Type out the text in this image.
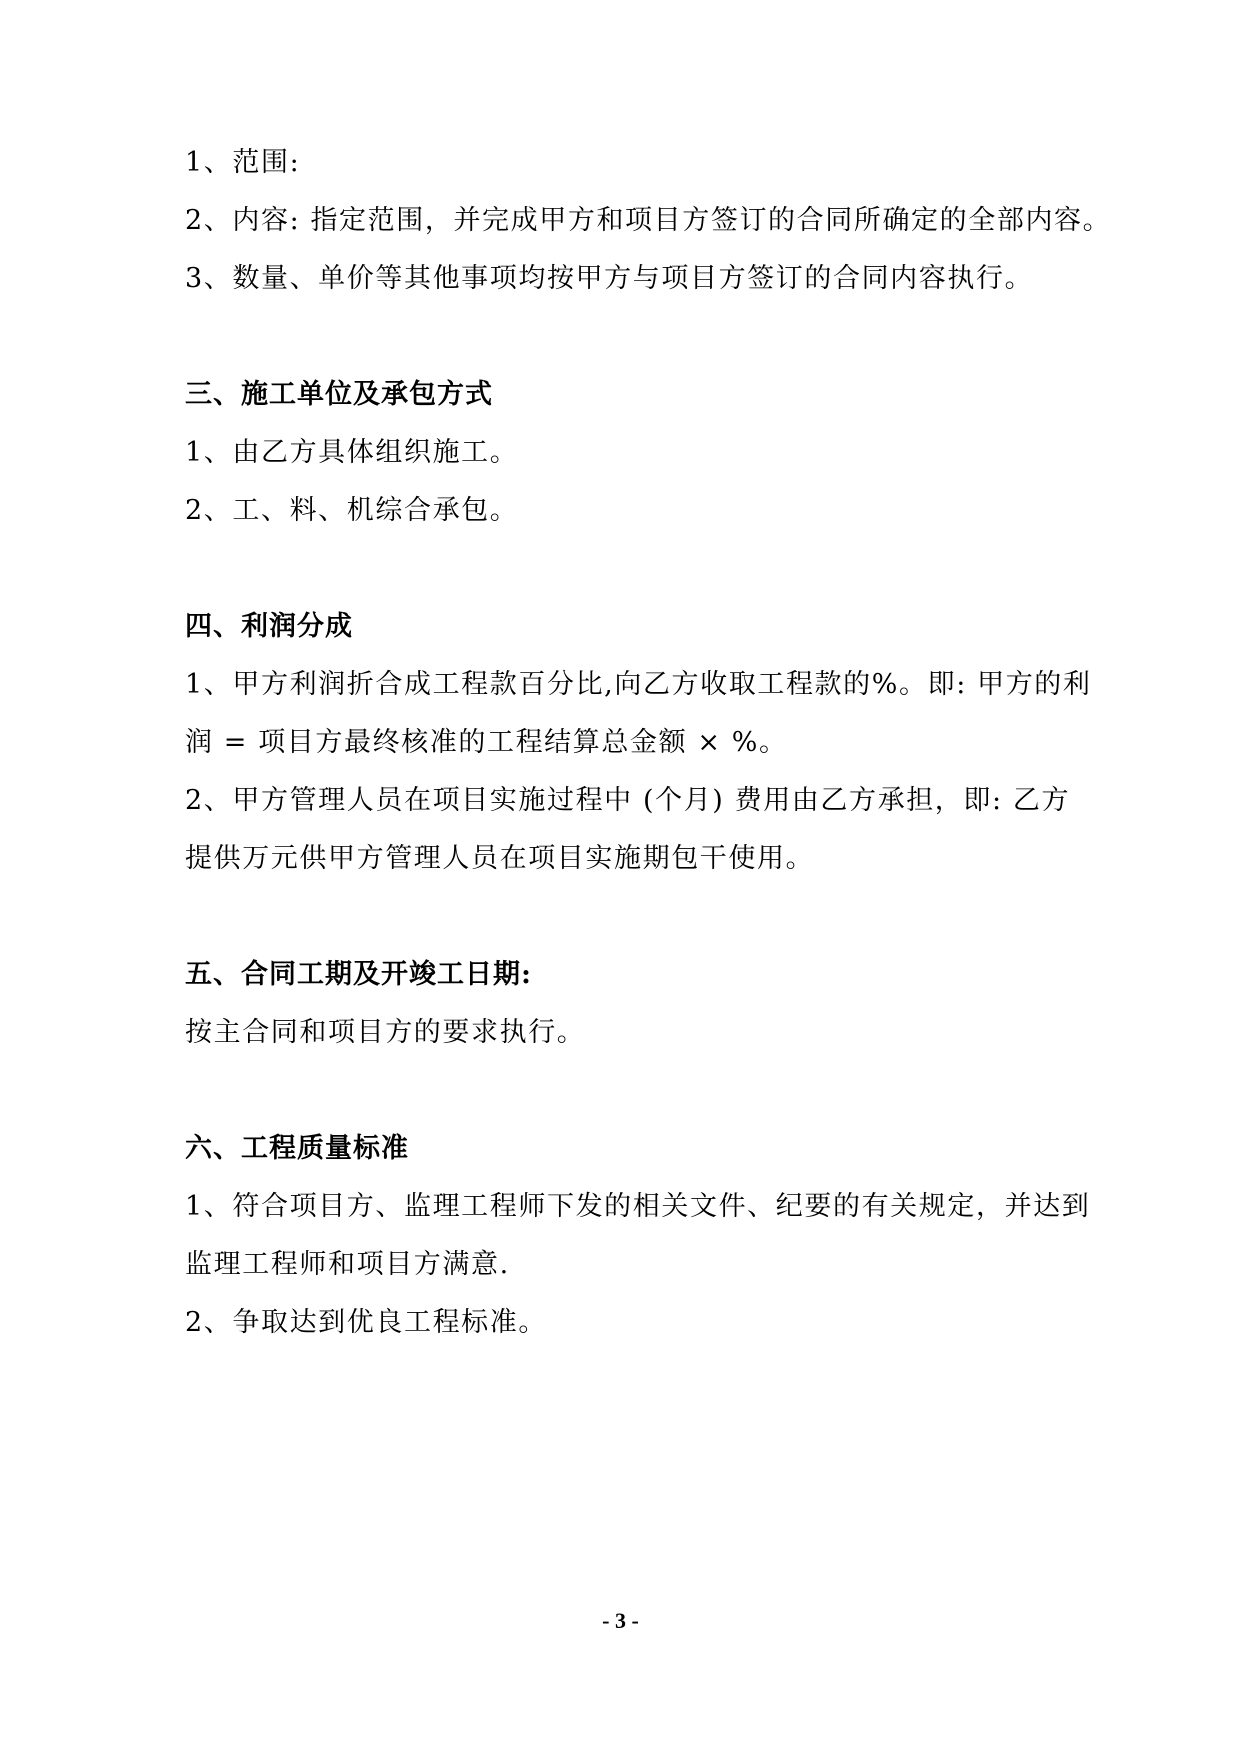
1、范围:
2、内容: 指定范围，并完成甲方和项目方签订的合同所确定的全部内容。
3、数量、单价等其他事项均按甲方与项目方签订的合同内容执行。
三、施工单位及承包方式
1、由乙方具体组织施工。
2、工、料、机综合承包。
四、利润分成
1、甲方利润折合成工程款百分比,向乙方收取工程款的%。即: 甲方的利
润 = 项目方最终核准的工程结算总金额 × %。
2、甲方管理人员在项目实施过程中 (个月) 费用由乙方承担，即: 乙方
提供万元供甲方管理人员在项目实施期包干使用。
五、合同工期及开竣工日期:
按主合同和项目方的要求执行。
六、工程质量标准
1、符合项目方、监理工程师下发的相关文件、纪要的有关规定，并达到
监理工程师和项目方满意.
2、争取达到优良工程标准。
- 3 -
